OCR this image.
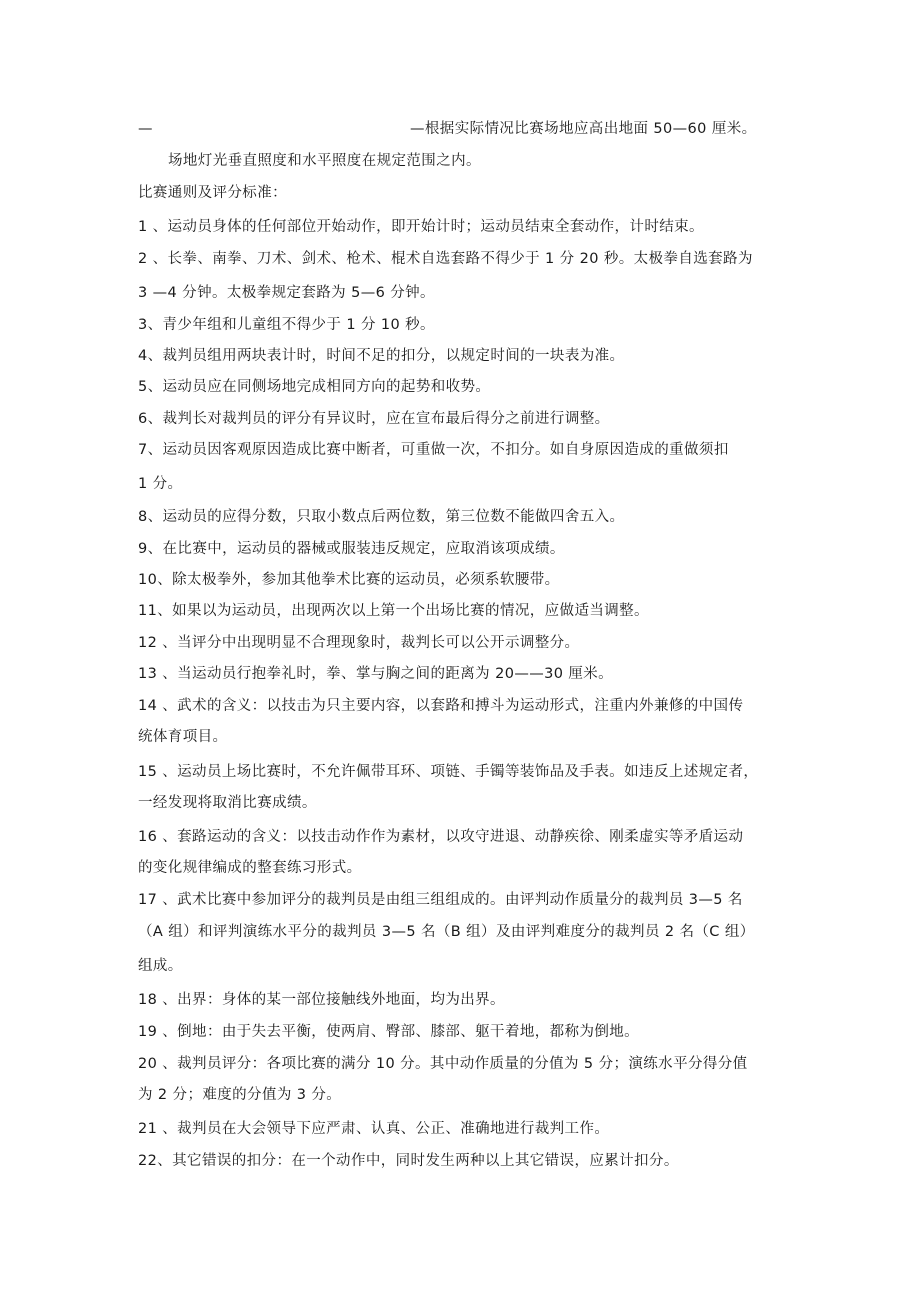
—	—根据实际情况比赛场地应高出地面 50—60 厘米。
场地灯光垂直照度和水平照度在规定范围之内。
比赛通则及评分标准：
1 、运动员身体的任何部位开始动作，即开始计时；运动员结束全套动作，计时结束。
2 、长拳、南拳、刀术、剑术、枪术、棍术自选套路不得少于 1 分 20 秒。太极拳自选套路为
3 —4 分钟。太极拳规定套路为 5—6 分钟。
3、青少年组和儿童组不得少于 1 分 10 秒。
4、裁判员组用两块表计时，时间不足的扣分，以规定时间的一块表为准。
5、运动员应在同侧场地完成相同方向的起势和收势。
6、裁判长对裁判员的评分有异议时，应在宣布最后得分之前进行调整。
7、运动员因客观原因造成比赛中断者，可重做一次，不扣分。如自身原因造成的重做须扣
1 分。
8、运动员的应得分数，只取小数点后两位数，第三位数不能做四舍五入。
9、在比赛中，运动员的器械或服装违反规定，应取消该项成绩。
10、除太极拳外，参加其他拳术比赛的运动员，必须系软腰带。
11、如果以为运动员，出现两次以上第一个出场比赛的情况，应做适当调整。
12 、当评分中出现明显不合理现象时，裁判长可以公开示调整分。
13 、当运动员行抱拳礼时，拳、掌与胸之间的距离为 20——30 厘米。
14 、武术的含义：以技击为只主要内容，以套路和搏斗为运动形式，注重内外兼修的中国传
统体育项目。
15 、运动员上场比赛时，不允许佩带耳环、项链、手镯等装饰品及手表。如违反上述规定者，
一经发现将取消比赛成绩。
16 、套路运动的含义：以技击动作作为素材，以攻守进退、动静疾徐、刚柔虚实等矛盾运动
的变化规律编成的整套练习形式。
17 、武术比赛中参加评分的裁判员是由组三组组成的。由评判动作质量分的裁判员 3—5 名
（A 组）和评判演练水平分的裁判员 3—5 名（B 组）及由评判难度分的裁判员 2 名（C 组）
组成。
18 、出界：身体的某一部位接触线外地面，均为出界。
19 、倒地：由于失去平衡，使两肩、臀部、膝部、躯干着地，都称为倒地。
20 、裁判员评分：各项比赛的满分 10 分。其中动作质量的分值为 5 分；演练水平分得分值
为 2 分；难度的分值为 3 分。
21 、裁判员在大会领导下应严肃、认真、公正、准确地进行裁判工作。
22、其它错误的扣分：在一个动作中，同时发生两种以上其它错误，应累计扣分。
